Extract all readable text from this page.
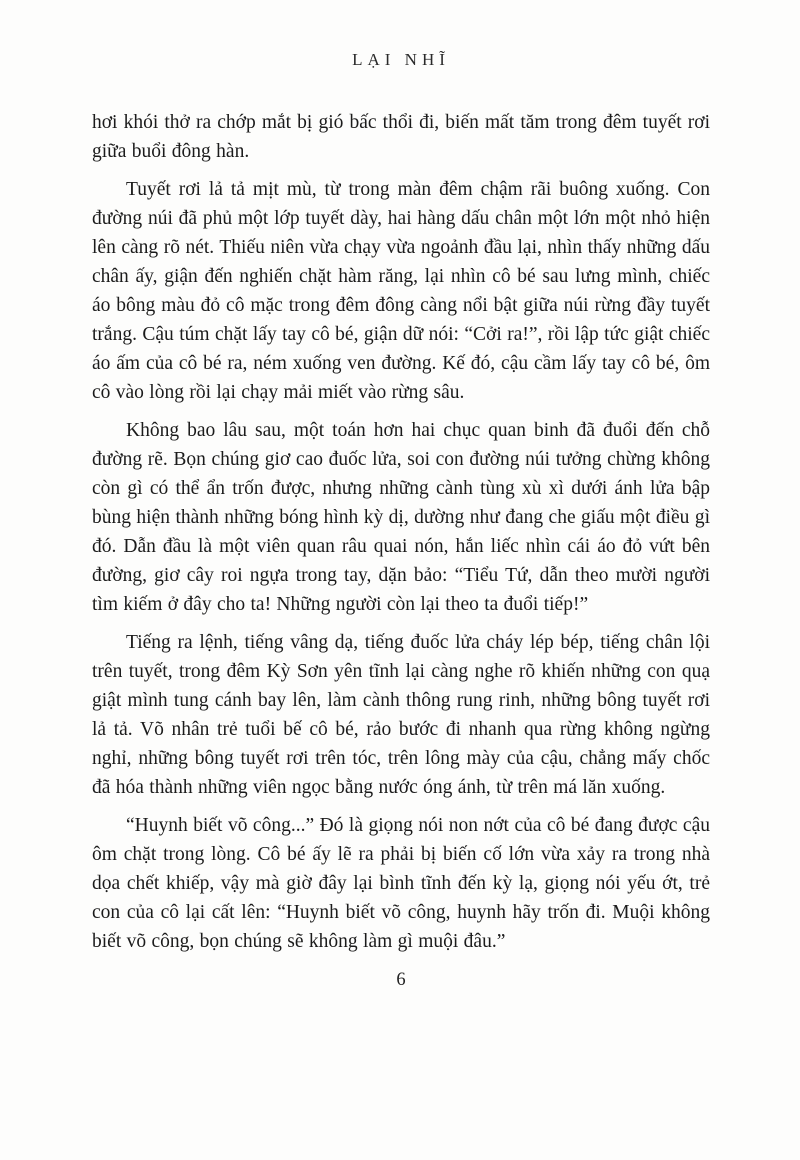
LẠI NHĨ

hơi khói thở ra chớp mắt bị gió bấc thổi đi, biến mất tăm trong đêm tuyết rơi giữa buổi đông hàn.

Tuyết rơi lả tả mịt mù, từ trong màn đêm chậm rãi buông xuống. Con đường núi đã phủ một lớp tuyết dày, hai hàng dấu chân một lớn một nhỏ hiện lên càng rõ nét. Thiếu niên vừa chạy vừa ngoảnh đầu lại, nhìn thấy những dấu chân ấy, giận đến nghiến chặt hàm răng, lại nhìn cô bé sau lưng mình, chiếc áo bông màu đỏ cô mặc trong đêm đông càng nổi bật giữa núi rừng đầy tuyết trắng. Cậu túm chặt lấy tay cô bé, giận dữ nói: “Cởi ra!”, rồi lập tức giật chiếc áo ấm của cô bé ra, ném xuống ven đường. Kế đó, cậu cầm lấy tay cô bé, ôm cô vào lòng rồi lại chạy mải miết vào rừng sâu.

Không bao lâu sau, một toán hơn hai chục quan binh đã đuổi đến chỗ đường rẽ. Bọn chúng giơ cao đuốc lửa, soi con đường núi tưởng chừng không còn gì có thể ẩn trốn được, nhưng những cành tùng xù xì dưới ánh lửa bập bùng hiện thành những bóng hình kỳ dị, dường như đang che giấu một điều gì đó. Dẫn đầu là một viên quan râu quai nón, hắn liếc nhìn cái áo đỏ vứt bên đường, giơ cây roi ngựa trong tay, dặn bảo: “Tiểu Tứ, dẫn theo mười người tìm kiếm ở đây cho ta! Những người còn lại theo ta đuổi tiếp!”

Tiếng ra lệnh, tiếng vâng dạ, tiếng đuốc lửa cháy lép bép, tiếng chân lội trên tuyết, trong đêm Kỳ Sơn yên tĩnh lại càng nghe rõ khiến những con quạ giật mình tung cánh bay lên, làm cành thông rung rinh, những bông tuyết rơi lả tả. Võ nhân trẻ tuổi bế cô bé, rảo bước đi nhanh qua rừng không ngừng nghỉ, những bông tuyết rơi trên tóc, trên lông mày của cậu, chẳng mấy chốc đã hóa thành những viên ngọc bằng nước óng ánh, từ trên má lăn xuống.

“Huynh biết võ công...” Đó là giọng nói non nớt của cô bé đang được cậu ôm chặt trong lòng. Cô bé ấy lẽ ra phải bị biến cố lớn vừa xảy ra trong nhà dọa chết khiếp, vậy mà giờ đây lại bình tĩnh đến kỳ lạ, giọng nói yếu ớt, trẻ con của cô lại cất lên: “Huynh biết võ công, huynh hãy trốn đi. Muội không biết võ công, bọn chúng sẽ không làm gì muội đâu.”

6
